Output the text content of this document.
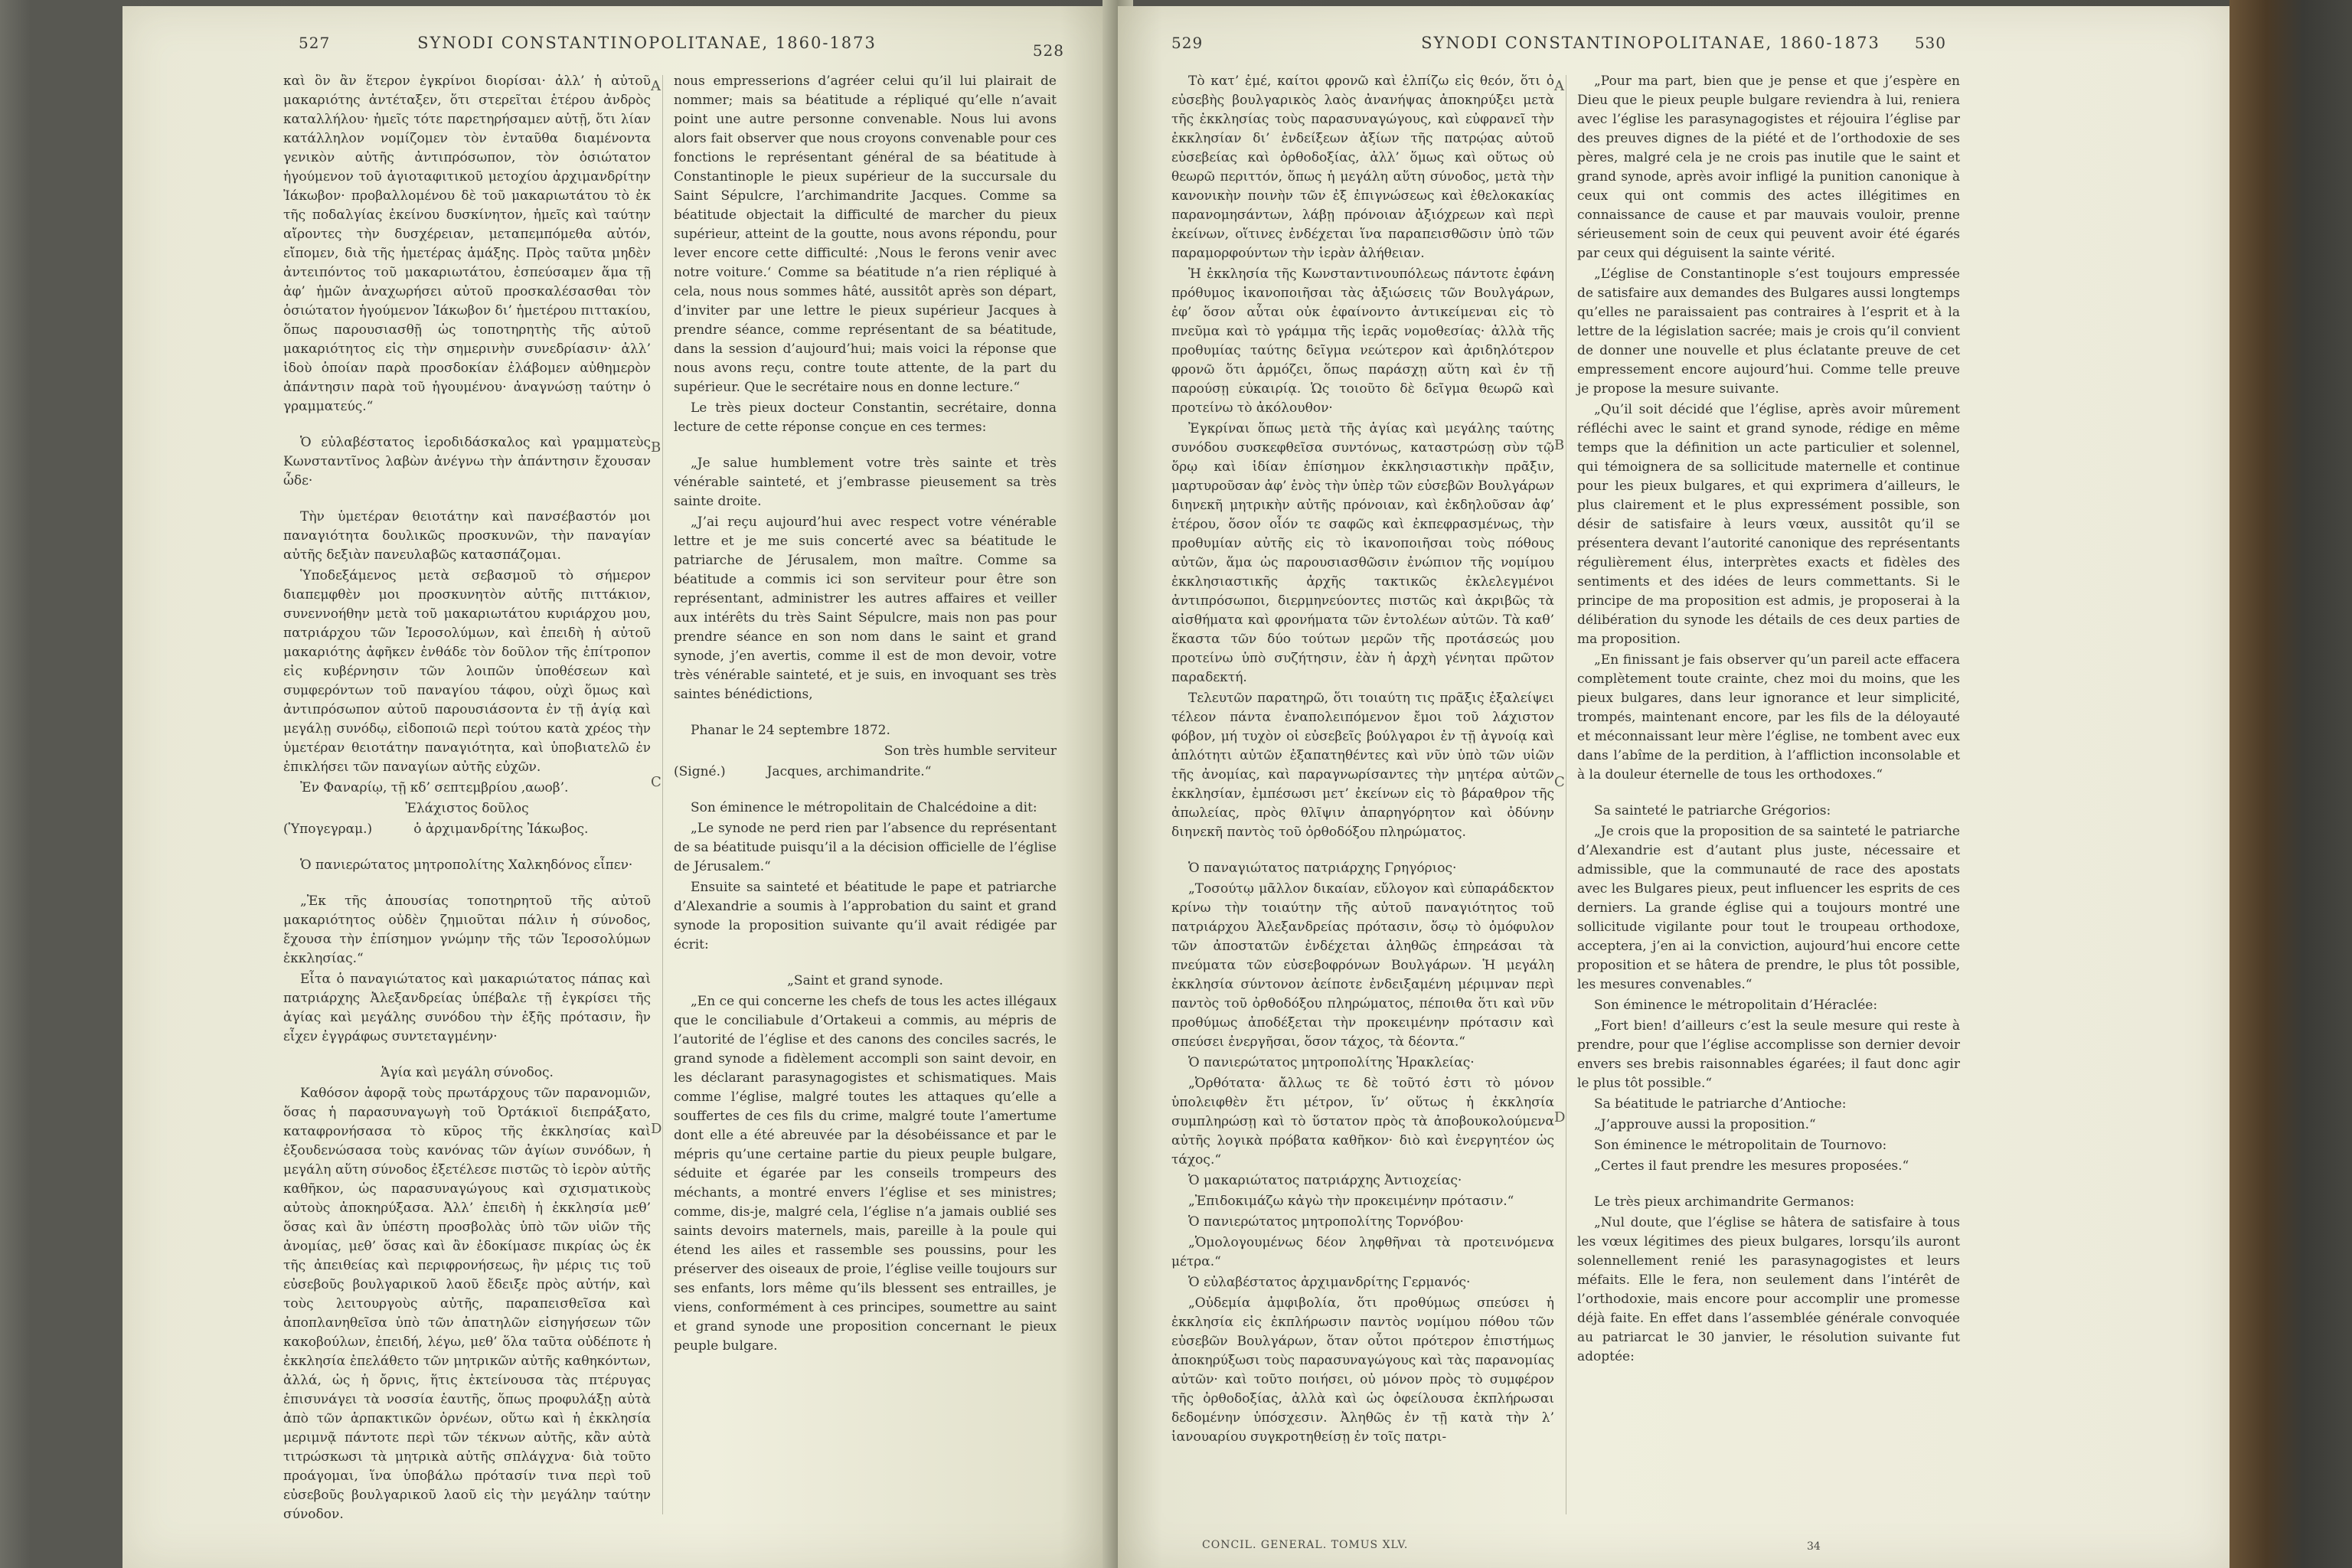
527	SYNODI CONSTANTINOPOLITANAE, 1860-1873	528

καὶ ὃν ἂν ἕτερον ἐγκρίνοι διορίσαι· ἀλλ’ ἡ αὐτοῦ μακαριότης ἀντέταξεν, ὅτι στερεῖται ἑτέρου ἀνδρὸς καταλλήλου· ἡμεῖς τότε παρετηρήσαμεν αὐτῇ, ὅτι λίαν κατάλληλον νομίζομεν τὸν ἐνταῦθα διαμένοντα γενικὸν αὐτῆς ἀντιπρόσωπον, τὸν ὁσιώτατον ἡγούμενον τοῦ ἁγιοταφιτικοῦ μετοχίου ἀρχιμανδρίτην Ἰάκωβον· προβαλλομένου δὲ τοῦ μακαριωτάτου τὸ ἐκ τῆς ποδαλγίας ἐκείνου δυσκίνητον, ἡμεῖς καὶ ταύτην αἴροντες τὴν δυσχέρειαν, μεταπεμπόμεθα αὐτόν, εἴπομεν, διὰ τῆς ἡμετέρας ἁμάξης. Πρὸς ταῦτα μηδὲν ἀντειπόντος τοῦ μακαριωτάτου, ἐσπεύσαμεν ἅμα τῇ ἀφ’ ἡμῶν ἀναχωρήσει αὐτοῦ προσκαλέσασθαι τὸν ὁσιώτατον ἡγούμενον Ἰάκωβον δι’ ἡμετέρου πιττακίου, ὅπως παρουσιασθῇ ὡς τοποτηρητὴς τῆς αὐτοῦ μακαριότητος εἰς τὴν σημερινὴν συνεδρίασιν· ἀλλ’ ἰδοὺ ὁποίαν παρὰ προσδοκίαν ἐλάβομεν αὐθημερὸν ἀπάντησιν παρὰ τοῦ ἡγουμένου· ἀναγνώσῃ ταύτην ὁ γραμματεύς.“

Ὁ εὐλαβέστατος ἱεροδιδάσκαλος καὶ γραμματεὺς Κωνσταντῖνος λαβὼν ἀνέγνω τὴν ἀπάντησιν ἔχουσαν ὧδε·

Τὴν ὑμετέραν θειοτάτην καὶ πανσέβαστόν μοι παναγιότητα δουλικῶς προσκυνῶν, τὴν παναγίαν αὐτῆς δεξιὰν πανευλαβῶς κατασπάζομαι.

Ὑποδεξάμενος μετὰ σεβασμοῦ τὸ σήμερον διαπεμφθὲν μοι προσκυνητὸν αὐτῆς πιττάκιον, συνεννοήθην μετὰ τοῦ μακαριωτάτου κυριάρχου μου, πατριάρχου τῶν Ἱεροσολύμων, καὶ ἐπειδὴ ἡ αὐτοῦ μακαριότης ἀφῆκεν ἐνθάδε τὸν δοῦλον τῆς ἐπίτροπον εἰς κυβέρνησιν τῶν λοιπῶν ὑποθέσεων καὶ συμφερόντων τοῦ παναγίου τάφου, οὐχὶ ὅμως καὶ ἀντιπρόσωπον αὐτοῦ παρουσιάσοντα ἐν τῇ ἁγίᾳ καὶ μεγάλῃ συνόδῳ, εἰδοποιῶ περὶ τούτου κατὰ χρέος τὴν ὑμετέραν θειοτάτην παναγιότητα, καὶ ὑποβιατελῶ ἐν ἐπικλήσει τῶν παναγίων αὐτῆς εὐχῶν.

Ἐν Φαναρίῳ, τῇ κδ’ σεπτεμβρίου ,αωοβ’.

Ἐλάχιστος δοῦλος

(Ὑπογεγραμ.)          ὁ ἀρχιμανδρίτης Ἰάκωβος.

Ὁ πανιερώτατος μητροπολίτης Χαλκηδόνος εἶπεν·

„Ἐκ τῆς ἀπουσίας τοποτηρητοῦ τῆς αὐτοῦ μακαριότητος οὐδὲν ζημιοῦται πάλιν ἡ σύνοδος, ἔχουσα τὴν ἐπίσημον γνώμην τῆς τῶν Ἱεροσολύμων ἐκκλησίας.“

Εἶτα ὁ παναγιώτατος καὶ μακαριώτατος πάπας καὶ πατριάρχης Ἀλεξανδρείας ὑπέβαλε τῇ ἐγκρίσει τῆς ἁγίας καὶ μεγάλης συνόδου τὴν ἑξῆς πρότασιν, ἣν εἶχεν ἐγγράφως συντεταγμένην·

Ἁγία καὶ μεγάλη σύνοδος.

Καθόσον ἀφορᾷ τοὺς πρωτάρχους τῶν παρανομιῶν, ὅσας ἡ παρασυναγωγὴ τοῦ Ὀρτάκιοϊ διεπράξατο, καταφρονήσασα τὸ κῦρος τῆς ἐκκλησίας καὶ ἐξουδενώσασα τοὺς κανόνας τῶν ἁγίων συνόδων, ἡ μεγάλη αὕτη σύνοδος ἐξετέλεσε πιστῶς τὸ ἱερὸν αὐτῆς καθῆκον, ὡς παρασυναγώγους καὶ σχισματικοὺς αὐτοὺς ἀποκηρύξασα. Ἀλλ’ ἐπειδὴ ἡ ἐκκλησία μεθ’ ὅσας καὶ ἂν ὑπέστη προσβολὰς ὑπὸ τῶν υἱῶν τῆς ἀνομίας, μεθ’ ὅσας καὶ ἂν ἐδοκίμασε πικρίας ὡς ἐκ τῆς ἀπειθείας καὶ περιφρονήσεως, ἣν μέρις τις τοῦ εὐσεβοῦς βουλγαρικοῦ λαοῦ ἔδειξε πρὸς αὐτήν, καὶ τοὺς λειτουργοὺς αὐτῆς, παραπεισθεῖσα καὶ ἀποπλανηθεῖσα ὑπὸ τῶν ἀπατηλῶν εἰσηγήσεων τῶν κακοβούλων, ἐπειδή, λέγω, μεθ’ ὅλα ταῦτα οὐδέποτε ἡ ἐκκλησία ἐπελάθετο τῶν μητρικῶν αὐτῆς καθηκόντων, ἀλλά, ὡς ἡ ὄρνις, ἥτις ἐκτείνουσα τὰς πτέρυγας ἐπισυνάγει τὰ νοσσία ἑαυτῆς, ὅπως προφυλάξῃ αὐτὰ ἀπὸ τῶν ἁρπακτικῶν ὀρνέων, οὕτω καὶ ἡ ἐκκλησία μεριμνᾷ πάντοτε περὶ τῶν τέκνων αὐτῆς, κἂν αὐτὰ τιτρώσκωσι τὰ μητρικὰ αὐτῆς σπλάγχνα· διὰ τοῦτο προάγομαι, ἵνα ὑποβάλω πρότασίν τινα περὶ τοῦ εὐσεβοῦς βουλγαρικοῦ λαοῦ εἰς τὴν μεγάλην ταύτην σύνοδον.

nous empresserions d’agréer celui qu’il lui plairait de nommer; mais sa béatitude a répliqué qu’elle n’avait point une autre personne convenable. Nous lui avons alors fait observer que nous croyons convenable pour ces fonctions le représentant général de sa béatitude à Constantinople le pieux supérieur de la succursale du Saint Sépulcre, l’archimandrite Jacques. Comme sa béatitude objectait la difficulté de marcher du pieux supérieur, atteint de la goutte, nous avons répondu, pour lever encore cette difficulté: ‚Nous le ferons venir avec notre voiture.‘ Comme sa béatitude n’a rien répliqué à cela, nous nous sommes hâté, aussitôt après son départ, d’inviter par une lettre le pieux supérieur Jacques à prendre séance, comme représentant de sa béatitude, dans la session d’aujourd’hui; mais voici la réponse que nous avons reçu, contre toute attente, de la part du supérieur. Que le secrétaire nous en donne lecture.“

Le très pieux docteur Constantin, secrétaire, donna lecture de cette réponse conçue en ces termes:

„Je salue humblement votre très sainte et très vénérable sainteté, et j’embrasse pieusement sa très sainte droite.

„J’ai reçu aujourd’hui avec respect votre vénérable lettre et je me suis concerté avec sa béatitude le patriarche de Jérusalem, mon maître. Comme sa béatitude a commis ici son serviteur pour être son représentant, administrer les autres affaires et veiller aux intérêts du très Saint Sépulcre, mais non pas pour prendre séance en son nom dans le saint et grand synode, j’en avertis, comme il est de mon devoir, votre très vénérable sainteté, et je suis, en invoquant ses très saintes bénédictions,

Phanar le 24 septembre 1872.

Son très humble serviteur

(Signé.)          Jacques, archimandrite.“

Son éminence le métropolitain de Chalcédoine a dit:

„Le synode ne perd rien par l’absence du représentant de sa béatitude puisqu’il a la décision officielle de l’église de Jérusalem.“

Ensuite sa sainteté et béatitude le pape et patriarche d’Alexandrie a soumis à l’approbation du saint et grand synode la proposition suivante qu’il avait rédigée par écrit:

„Saint et grand synode.

„En ce qui concerne les chefs de tous les actes illégaux que le conciliabule d’Ortakeui a commis, au mépris de l’autorité de l’église et des canons des conciles sacrés, le grand synode a fidèlement accompli son saint devoir, en les déclarant parasynagogistes et schismatiques. Mais comme l’église, malgré toutes les attaques qu’elle a souffertes de ces fils du crime, malgré toute l’amertume dont elle a été abreuvée par la désobéissance et par le mépris qu’une certaine partie du pieux peuple bulgare, séduite et égarée par les conseils trompeurs des méchants, a montré envers l’église et ses ministres; comme, dis-je, malgré cela, l’église n’a jamais oublié ses saints devoirs maternels, mais, pareille à la poule qui étend les ailes et rassemble ses poussins, pour les préserver des oiseaux de proie, l’église veille toujours sur ses enfants, lors même qu’ils blessent ses entrailles, je viens, conformément à ces principes, soumettre au saint et grand synode une proposition concernant le pieux peuple bulgare.

A
B
C
D
529	SYNODI CONSTANTINOPOLITANAE, 1860-1873	530

Τὸ κατ’ ἐμέ, καίτοι φρονῶ καὶ ἐλπίζω εἰς θεόν, ὅτι ὁ εὐσεβὴς βουλγαρικὸς λαὸς ἀνανήψας ἀποκηρύξει μετὰ τῆς ἐκκλησίας τοὺς παρασυναγώγους, καὶ εὐφρανεῖ τὴν ἐκκλησίαν δι’ ἐνδείξεων ἀξίων τῆς πατρῴας αὐτοῦ εὐσεβείας καὶ ὀρθοδοξίας, ἀλλ’ ὅμως καὶ οὕτως οὐ θεωρῶ περιττόν, ὅπως ἡ μεγάλη αὕτη σύνοδος, μετὰ τὴν κανονικὴν ποινὴν τῶν ἐξ ἐπιγνώσεως καὶ ἐθελοκακίας παρανομησάντων, λάβῃ πρόνοιαν ἀξιόχρεων καὶ περὶ ἐκείνων, οἵτινες ἐνδέχεται ἵνα παραπεισθῶσιν ὑπὸ τῶν παραμορφούντων τὴν ἱερὰν ἀλήθειαν.

Ἡ ἐκκλησία τῆς Κωνσταντινουπόλεως πάντοτε ἐφάνη πρόθυμος ἱκανοποιῆσαι τὰς ἀξιώσεις τῶν Βουλγάρων, ἐφ’ ὅσον αὗται οὐκ ἐφαίνοντο ἀντικείμεναι εἰς τὸ πνεῦμα καὶ τὸ γράμμα τῆς ἱερᾶς νομοθεσίας· ἀλλὰ τῆς προθυμίας ταύτης δεῖγμα νεώτερον καὶ ἀριδηλότερον φρονῶ ὅτι ἁρμόζει, ὅπως παράσχῃ αὕτη καὶ ἐν τῇ παρούσῃ εὐκαιρίᾳ. Ὡς τοιοῦτο δὲ δεῖγμα θεωρῶ καὶ προτείνω τὸ ἀκόλουθον·

Ἐγκρίναι ὅπως μετὰ τῆς ἁγίας καὶ μεγάλης ταύτης συνόδου συσκεφθεῖσα συντόνως, καταστρώσῃ σὺν τῷ ὅρῳ καὶ ἰδίαν ἐπίσημον ἐκκλησιαστικὴν πρᾶξιν, μαρτυροῦσαν ἀφ’ ἑνὸς τὴν ὑπὲρ τῶν εὐσεβῶν Βουλγάρων διηνεκῆ μητρικὴν αὐτῆς πρόνοιαν, καὶ ἐκδηλοῦσαν ἀφ’ ἑτέρου, ὅσον οἷόν τε σαφῶς καὶ ἐκπεφρασμένως, τὴν προθυμίαν αὐτῆς εἰς τὸ ἱκανοποιῆσαι τοὺς πόθους αὐτῶν, ἅμα ὡς παρουσιασθῶσιν ἐνώπιον τῆς νομίμου ἐκκλησιαστικῆς ἀρχῆς τακτικῶς ἐκλελεγμένοι ἀντιπρόσωποι, διερμηνεύοντες πιστῶς καὶ ἀκριβῶς τὰ αἰσθήματα καὶ φρονήματα τῶν ἐντολέων αὐτῶν. Τὰ καθ’ ἕκαστα τῶν δύο τούτων μερῶν τῆς προτάσεώς μου προτείνω ὑπὸ συζήτησιν, ἐὰν ἡ ἀρχὴ γένηται πρῶτον παραδεκτή.

Τελευτῶν παρατηρῶ, ὅτι τοιαύτη τις πρᾶξις ἐξαλείψει τέλεον πάντα ἐναπολειπόμενον ἔμοι τοῦ λάχιστον φόβον, μή τυχὸν οἱ εὐσεβεῖς βούλγαροι ἐν τῇ ἀγνοίᾳ καὶ ἁπλότητι αὐτῶν ἐξαπατηθέντες καὶ νῦν ὑπὸ τῶν υἱῶν τῆς ἀνομίας, καὶ παραγνωρίσαντες τὴν μητέρα αὐτῶν ἐκκλησίαν, ἐμπέσωσι μετ’ ἐκείνων εἰς τὸ βάραθρον τῆς ἀπωλείας, πρὸς θλῖψιν ἀπαρηγόρητον καὶ ὀδύνην διηνεκῆ παντὸς τοῦ ὀρθοδόξου πληρώματος.

Ὁ παναγιώτατος πατριάρχης Γρηγόριος·

„Τοσούτῳ μᾶλλον δικαίαν, εὔλογον καὶ εὐπαράδεκτον κρίνω τὴν τοιαύτην τῆς αὐτοῦ παναγιότητος τοῦ πατριάρχου Ἀλεξανδρείας πρότασιν, ὅσῳ τὸ ὁμόφυλον τῶν ἀποστατῶν ἐνδέχεται ἀληθῶς ἐπηρεάσαι τὰ πνεύματα τῶν εὐσεβοφρόνων Βουλγάρων. Ἡ μεγάλη ἐκκλησία σύντονον ἀείποτε ἐνδειξαμένη μέριμναν περὶ παντὸς τοῦ ὀρθοδόξου πληρώματος, πέποιθα ὅτι καὶ νῦν προθύμως ἀποδέξεται τὴν προκειμένην πρότασιν καὶ σπεύσει ἐνεργῆσαι, ὅσον τάχος, τὰ δέοντα.“

Ὁ πανιερώτατος μητροπολίτης Ἡρακλείας·

„Ὀρθότατα· ἄλλως τε δὲ τοῦτό ἐστι τὸ μόνον ὑπολειφθὲν ἔτι μέτρον, ἵν’ οὕτως ἡ ἐκκλησία συμπληρώσῃ καὶ τὸ ὕστατον πρὸς τὰ ἀποβουκολούμενα αὐτῆς λογικὰ πρόβατα καθῆκον· διὸ καὶ ἐνεργητέον ὡς τάχος.“

Ὁ μακαριώτατος πατριάρχης Ἀντιοχείας·

„Ἐπιδοκιμάζω κἀγὼ τὴν προκειμένην πρότασιν.“

Ὁ πανιερώτατος μητροπολίτης Τορνόβου·

„Ὁμολογουμένως δέον ληφθῆναι τὰ προτεινόμενα μέτρα.“

Ὁ εὐλαβέστατος ἀρχιμανδρίτης Γερμανός·

„Οὐδεμία ἀμφιβολία, ὅτι προθύμως σπεύσει ἡ ἐκκλησία εἰς ἐκπλήρωσιν παντὸς νομίμου πόθου τῶν εὐσεβῶν Βουλγάρων, ὅταν οὗτοι πρότερον ἐπιστήμως ἀποκηρύξωσι τοὺς παρασυναγώγους καὶ τὰς παρανομίας αὐτῶν· καὶ τοῦτο ποιήσει, οὐ μόνον πρὸς τὸ συμφέρον τῆς ὀρθοδοξίας, ἀλλὰ καὶ ὡς ὀφείλουσα ἐκπλήρωσαι δεδομένην ὑπόσχεσιν. Ἀληθῶς ἐν τῇ κατὰ τὴν λ’ ἰανουαρίου συγκροτηθείσῃ ἐν τοῖς πατρι-

„Pour ma part, bien que je pense et que j’espère en Dieu que le pieux peuple bulgare reviendra à lui, reniera avec l’église les parasynagogistes et réjouira l’église par des preuves dignes de la piété et de l’orthodoxie de ses pères, malgré cela je ne crois pas inutile que le saint et grand synode, après avoir infligé la punition canonique à ceux qui ont commis des actes illégitimes en connaissance de cause et par mauvais vouloir, prenne sérieusement soin de ceux qui peuvent avoir été égarés par ceux qui déguisent la sainte vérité.

„L’église de Constantinople s’est toujours empressée de satisfaire aux demandes des Bulgares aussi longtemps qu’elles ne paraissaient pas contraires à l’esprit et à la lettre de la législation sacrée; mais je crois qu’il convient de donner une nouvelle et plus éclatante preuve de cet empressement encore aujourd’hui. Comme telle preuve je propose la mesure suivante.

„Qu’il soit décidé que l’église, après avoir mûrement réfléchi avec le saint et grand synode, rédige en même temps que la définition un acte particulier et solennel, qui témoignera de sa sollicitude maternelle et continue pour les pieux bulgares, et qui exprimera d’ailleurs, le plus clairement et le plus expressément possible, son désir de satisfaire à leurs vœux, aussitôt qu’il se présentera devant l’autorité canonique des représentants régulièrement élus, interprètes exacts et fidèles des sentiments et des idées de leurs commettants. Si le principe de ma proposition est admis, je proposerai à la délibération du synode les détails de ces deux parties de ma proposition.

„En finissant je fais observer qu’un pareil acte effacera complètement toute crainte, chez moi du moins, que les pieux bulgares, dans leur ignorance et leur simplicité, trompés, maintenant encore, par les fils de la déloyauté et méconnaissant leur mère l’église, ne tombent avec eux dans l’abîme de la perdition, à l’affliction inconsolable et à la douleur éternelle de tous les orthodoxes.“

Sa sainteté le patriarche Grégorios:

„Je crois que la proposition de sa sainteté le patriarche d’Alexandrie est d’autant plus juste, nécessaire et admissible, que la communauté de race des apostats avec les Bulgares pieux, peut influencer les esprits de ces derniers. La grande église qui a toujours montré une sollicitude vigilante pour tout le troupeau orthodoxe, acceptera, j’en ai la conviction, aujourd’hui encore cette proposition et se hâtera de prendre, le plus tôt possible, les mesures convenables.“

Son éminence le métropolitain d’Héraclée:

„Fort bien! d’ailleurs c’est la seule mesure qui reste à prendre, pour que l’église accomplisse son dernier devoir envers ses brebis raisonnables égarées; il faut donc agir le plus tôt possible.“

Sa béatitude le patriarche d’Antioche:

„J’approuve aussi la proposition.“

Son éminence le métropolitain de Tournovo:

„Certes il faut prendre les mesures proposées.“

Le très pieux archimandrite Germanos:

„Nul doute, que l’église se hâtera de satisfaire à tous les vœux légitimes des pieux bulgares, lorsqu’ils auront solennellement renié les parasynagogistes et leurs méfaits. Elle le fera, non seulement dans l’intérêt de l’orthodoxie, mais encore pour accomplir une promesse déjà faite. En effet dans l’assemblée générale convoquée au patriarcat le 30 janvier, le résolution suivante fut adoptée:

A
B
C
D
CONCIL. GENERAL. TOMUS XLV.	34
